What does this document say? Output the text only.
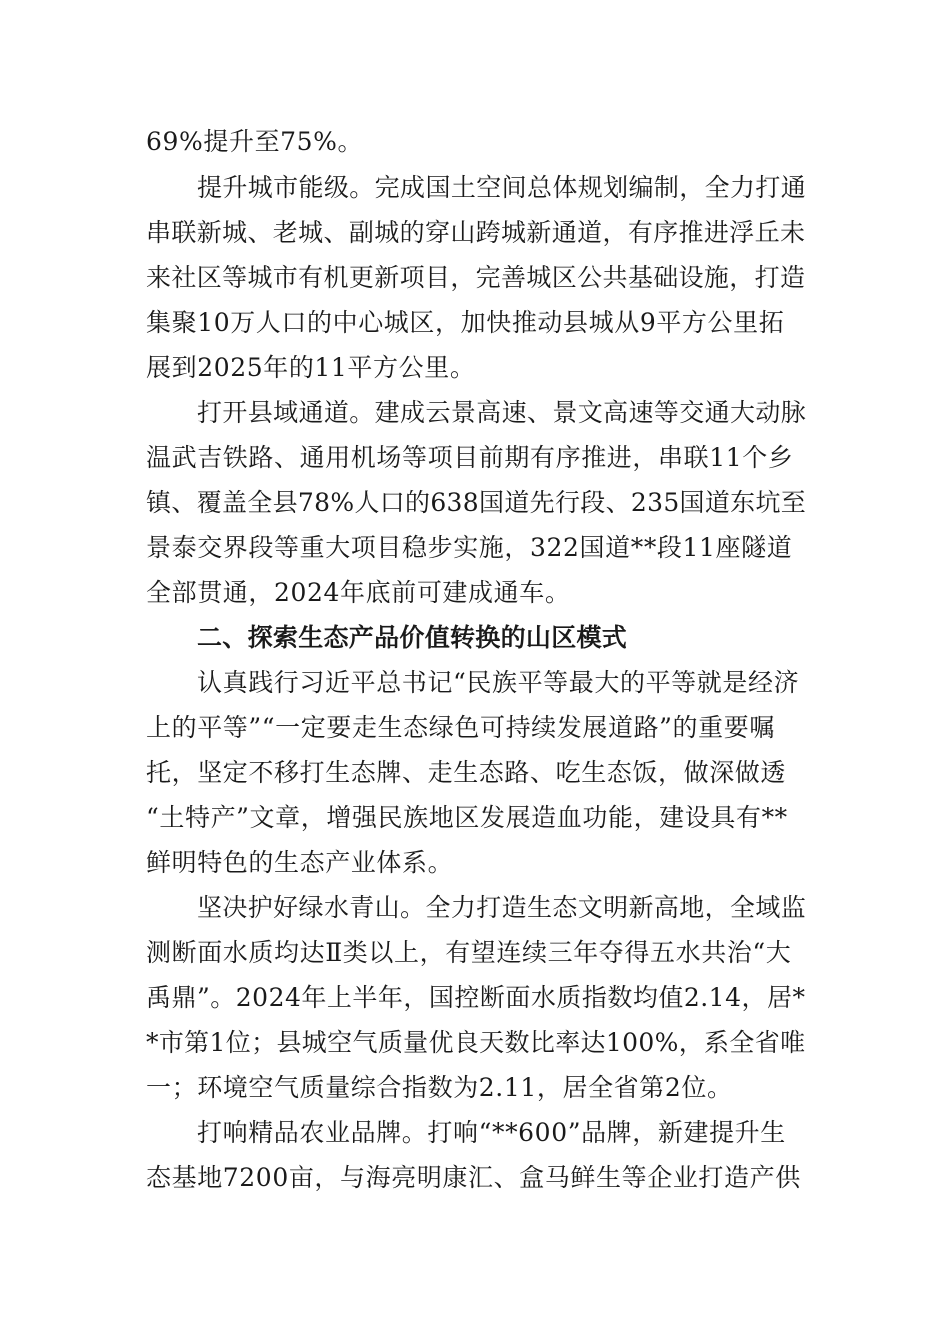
69%提升至75%。
提升城市能级。完成国土空间总体规划编制，全力打通
串联新城、老城、副城的穿山跨城新通道，有序推进浮丘未
来社区等城市有机更新项目，完善城区公共基础设施，打造
集聚10万人口的中心城区，加快推动县城从9平方公里拓
展到2025年的11平方公里。
打开县域通道。建成云景高速、景文高速等交通大动脉
温武吉铁路、通用机场等项目前期有序推进，串联11个乡
镇、覆盖全县78%人口的638国道先行段、235国道东坑至
景泰交界段等重大项目稳步实施，322国道**段11座隧道
全部贯通，2024年底前可建成通车。
二、探索生态产品价值转换的山区模式
认真践行习近平总书记“民族平等最大的平等就是经济
上的平等”“一定要走生态绿色可持续发展道路”的重要嘱
托，坚定不移打生态牌、走生态路、吃生态饭，做深做透
“土特产”文章，增强民族地区发展造血功能，建设具有**
鲜明特色的生态产业体系。
坚决护好绿水青山。全力打造生态文明新高地，全域监
测断面水质均达Ⅱ类以上，有望连续三年夺得五水共治“大
禹鼎”。2024年上半年，国控断面水质指数均值2.14，居*
*市第1位；县城空气质量优良天数比率达100%，系全省唯
一；环境空气质量综合指数为2.11，居全省第2位。
打响精品农业品牌。打响“**600”品牌，新建提升生
态基地7200亩，与海亮明康汇、盒马鲜生等企业打造产供
